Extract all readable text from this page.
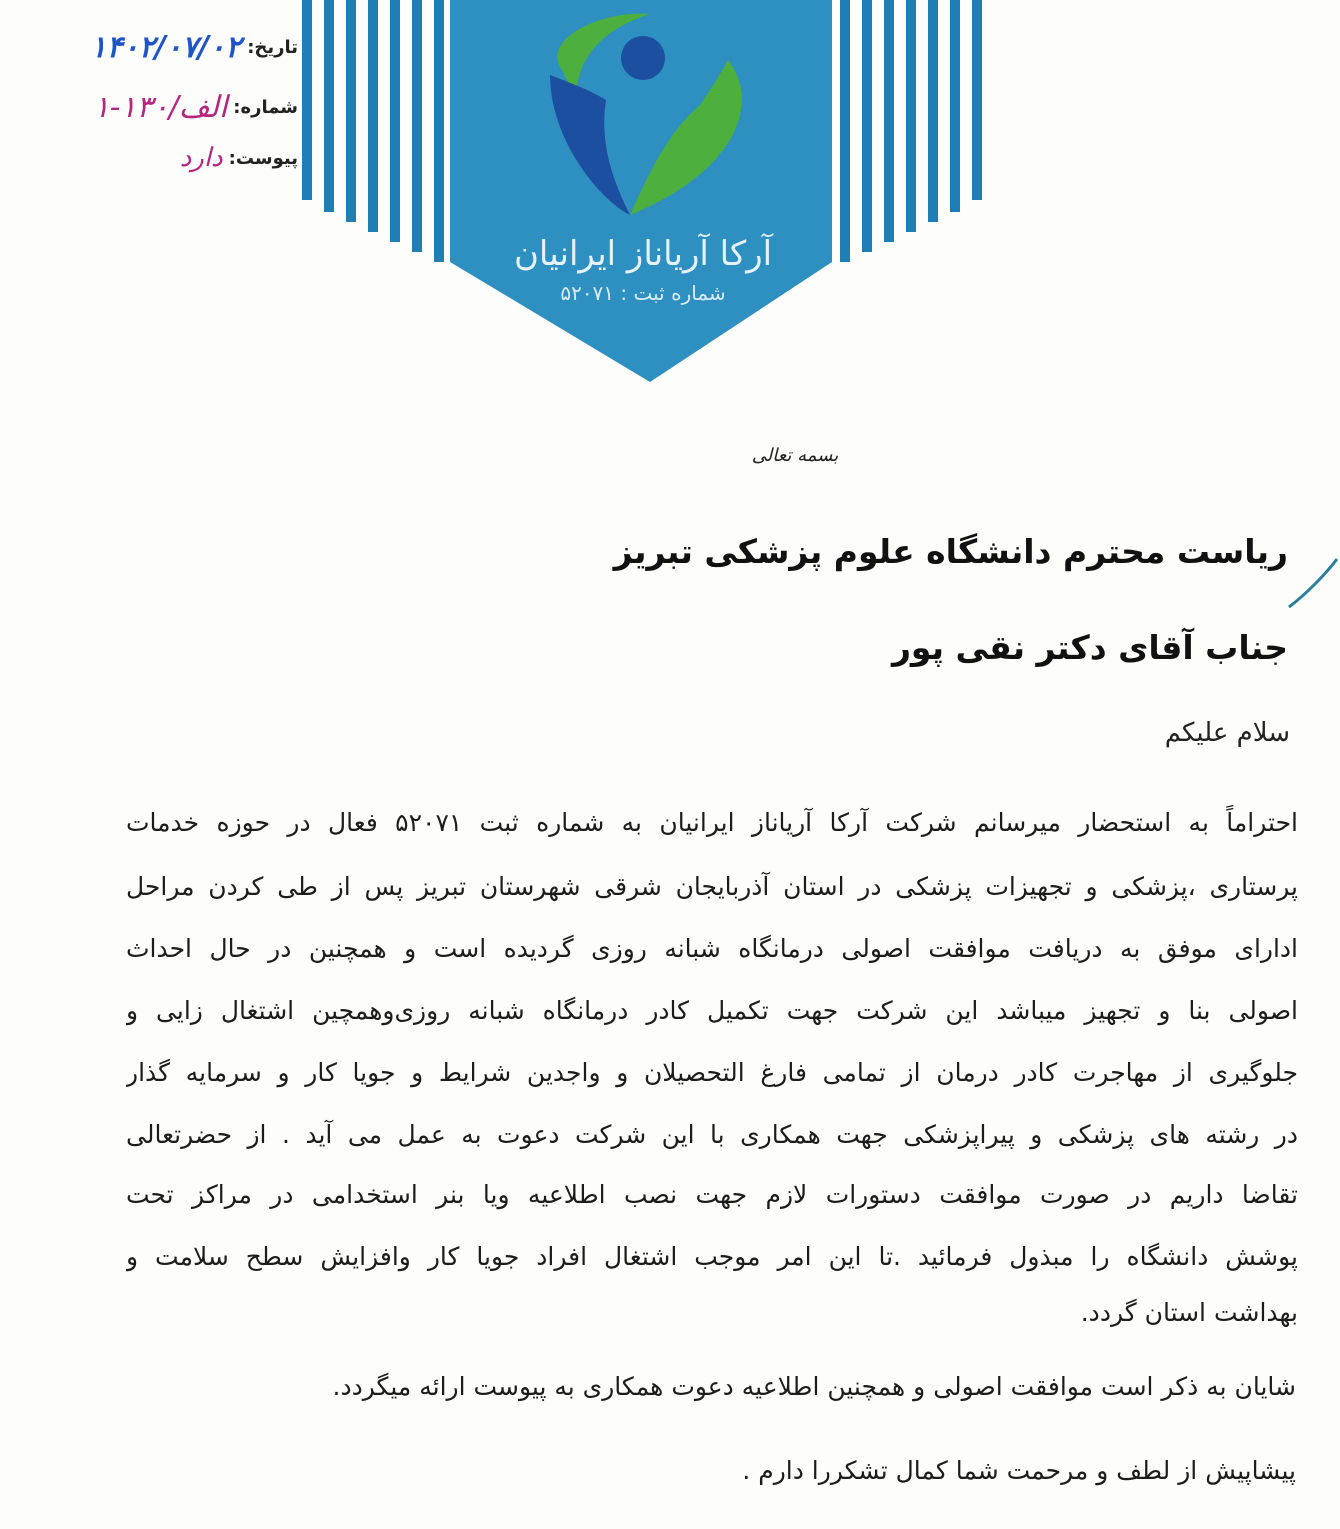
تاریخ:
۱۴۰۲/۰۷/۰۲
شماره:
الف/۱۳۰-۱
پیوست:
دارد
آرکا آریاناز ایرانیان
شماره ثبت : ۵۲۰۷۱
بسمه تعالی
ریاست محترم دانشگاه علوم پزشکی تبریز
جناب آقای دکتر نقی پور
سلام علیکم
احتراماً به استحضار میرسانم شرکت آرکا آریاناز ایرانیان به شماره ثبت ۵۲۰۷۱ فعال در حوزه خدمات
پرستاری ،پزشکی و تجهیزات پزشکی در استان آذربایجان شرقی شهرستان تبریز پس از طی کردن مراحل
ادارای موفق به دریافت موافقت اصولی درمانگاه شبانه روزی گردیده است و همچنین در حال احداث
اصولی بنا و تجهیز میباشد این شرکت جهت تکمیل کادر درمانگاه شبانه روزی‌وهمچین اشتغال زایی و
جلوگیری از مهاجرت کادر درمان از تمامی فارغ التحصیلان و واجدین شرایط و جویا کار و سرمایه گذار
در رشته های پزشکی و پیراپزشکی جهت همکاری با این شرکت دعوت به عمل می آید . از حضرتعالی
تقاضا داریم در صورت موافقت دستورات لازم جهت نصب اطلاعیه ویا بنر استخدامی در مراکز تحت
پوشش دانشگاه را مبذول فرمائید .تا این امر موجب اشتغال افراد جویا کار وافزایش سطح سلامت و
بهداشت استان گردد.
شایان به ذکر است موافقت اصولی و همچنین اطلاعیه دعوت همکاری به پیوست ارائه میگردد.
پیشاپیش از لطف و مرحمت شما کمال تشکررا دارم .
